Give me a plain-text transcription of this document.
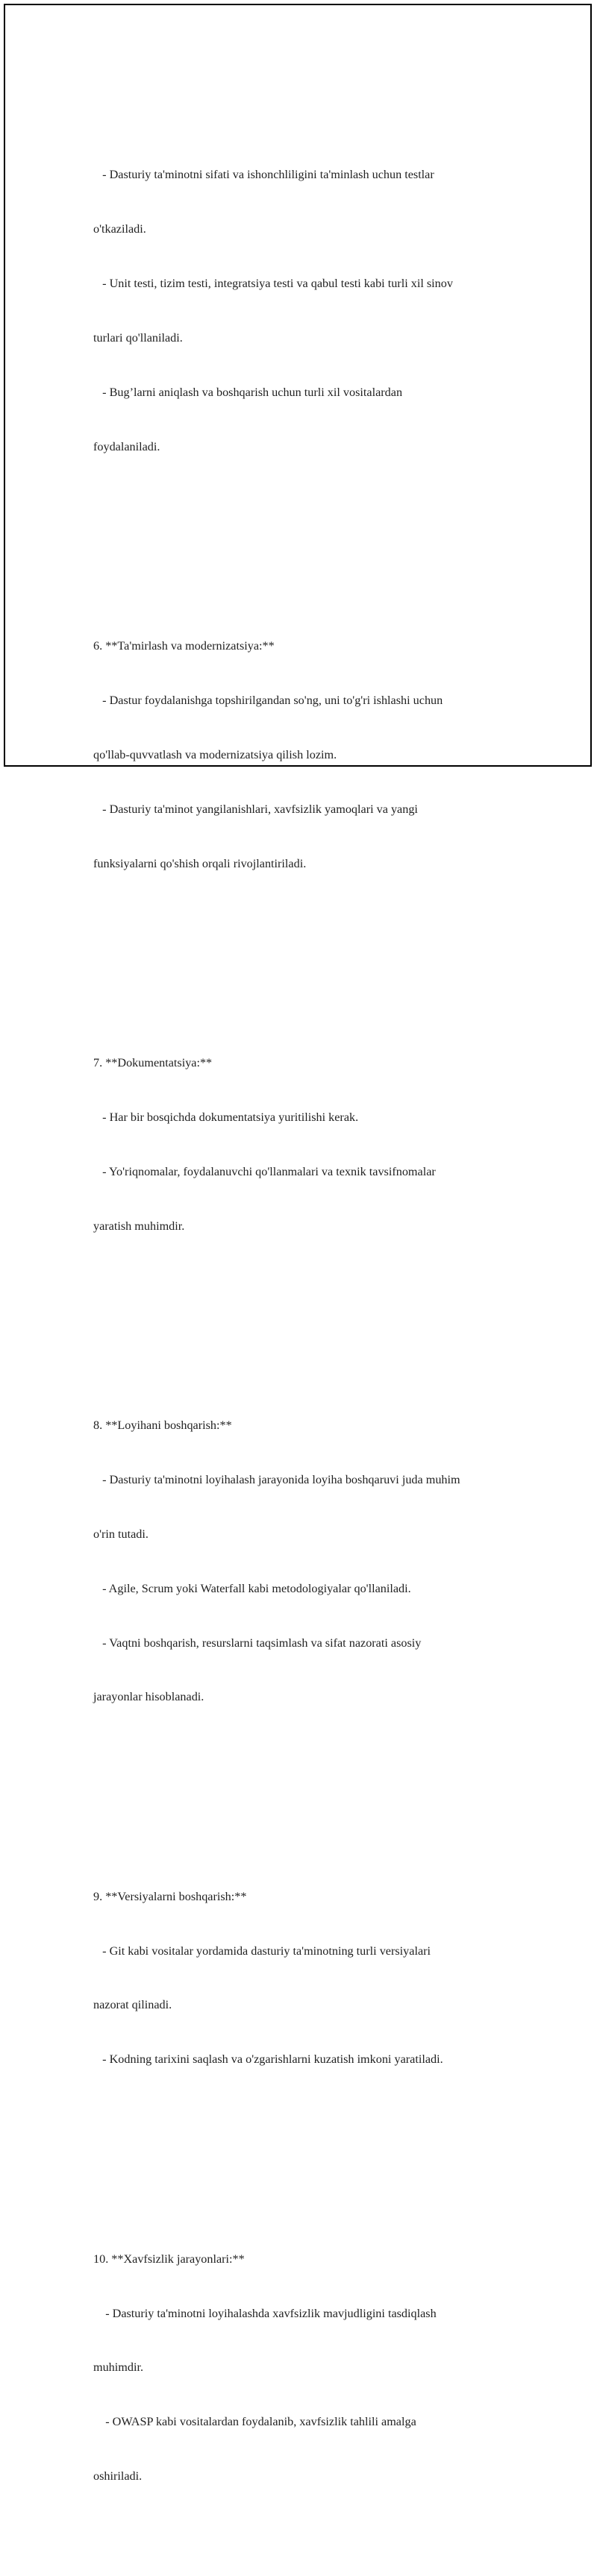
- Dasturiy ta'minotni sifati va ishonchliligini ta'minlash uchun testlar

o'tkaziladi.

- Unit testi, tizim testi, integratsiya testi va qabul testi kabi turli xil sinov

turlari qo'llaniladi.

- Bug’larni aniqlash va boshqarish uchun turli xil vositalardan

foydalaniladi.

6. **Ta'mirlash va modernizatsiya:**

- Dastur foydalanishga topshirilgandan so'ng, uni to'g'ri ishlashi uchun

qo'llab-quvvatlash va modernizatsiya qilish lozim.

- Dasturiy ta'minot yangilanishlari, xavfsizlik yamoqlari va yangi

funksiyalarni qo'shish orqali rivojlantiriladi.

7. **Dokumentatsiya:**

- Har bir bosqichda dokumentatsiya yuritilishi kerak.

- Yo'riqnomalar, foydalanuvchi qo'llanmalari va texnik tavsifnomalar

yaratish muhimdir.

8. **Loyihani boshqarish:**

- Dasturiy ta'minotni loyihalash jarayonida loyiha boshqaruvi juda muhim

o'rin tutadi.

- Agile, Scrum yoki Waterfall kabi metodologiyalar qo'llaniladi.

- Vaqtni boshqarish, resurslarni taqsimlash va sifat nazorati asosiy

jarayonlar hisoblanadi.

9. **Versiyalarni boshqarish:**

- Git kabi vositalar yordamida dasturiy ta'minotning turli versiyalari

nazorat qilinadi.

- Kodning tarixini saqlash va o'zgarishlarni kuzatish imkoni yaratiladi.

10. **Xavfsizlik jarayonlari:**

- Dasturiy ta'minotni loyihalashda xavfsizlik mavjudligini tasdiqlash

muhimdir.

- OWASP kabi vositalardan foydalanib, xavfsizlik tahlili amalga

oshiriladi.
